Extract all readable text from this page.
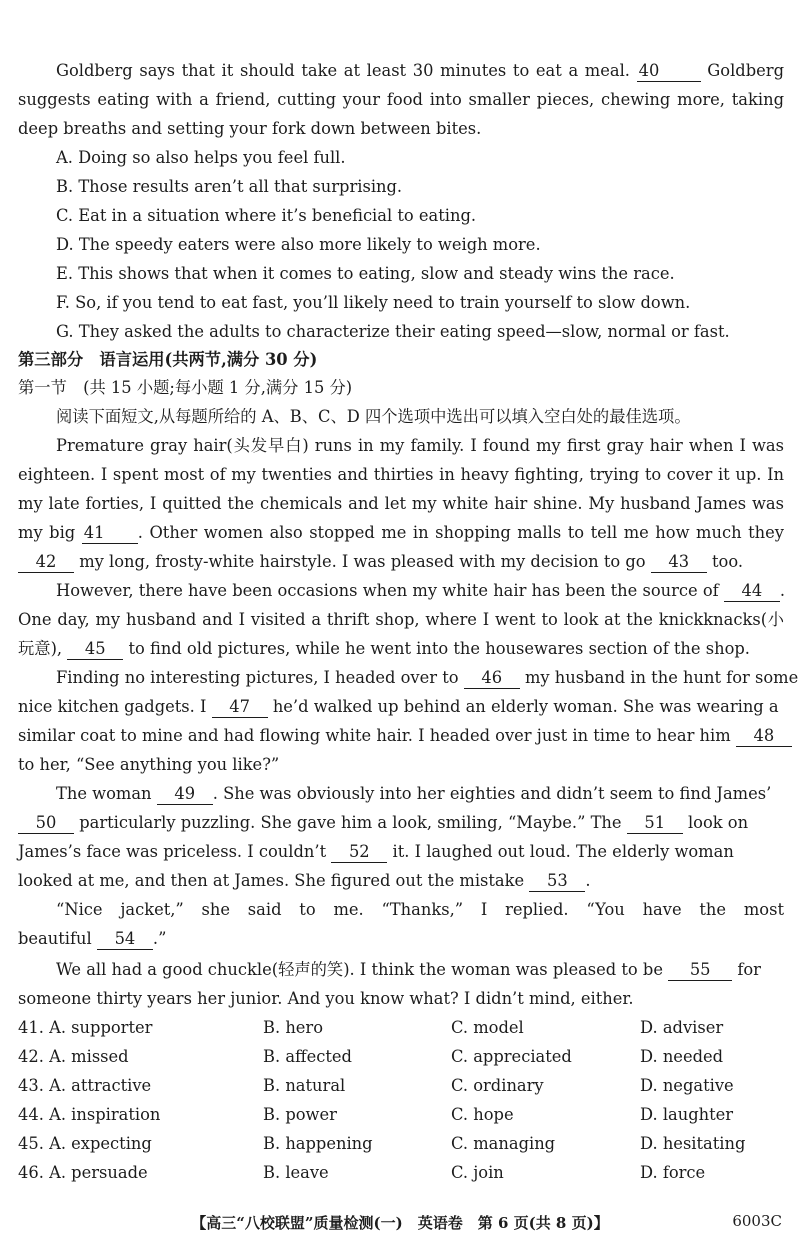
Goldberg says that it should take at least 30 minutes to eat a meal. 40	Goldberg
suggests eating with a friend, cutting your food into smaller pieces, chewing more, taking
deep breaths and setting your fork down between bites.
A. Doing so also helps you feel full.
B. Those results aren’t all that surprising.
C. Eat in a situation where it’s beneficial to eating.
D. The speedy eaters were also more likely to weigh more.
E. This shows that when it comes to eating, slow and steady wins the race.
F. So, if you tend to eat fast, you’ll likely need to train yourself to slow down.
G. They asked the adults to characterize their eating speed—slow, normal or fast.
第三部分　语言运用(共两节,满分 30 分)
第一节　(共 15 小题;每小题 1 分,满分 15 分)
阅读下面短文,从每题所给的 A、B、C、D 四个选项中选出可以填入空白处的最佳选项。
Premature gray hair(头发早白) runs in my family. I found my first gray hair when I was
eighteen. I spent most of my twenties and thirties in heavy fighting, trying to cover it up. In
my late forties, I quitted the chemicals and let my white hair shine. My husband James was
my big 41 . Other women also stopped me in shopping malls to tell me how much they
42 my long, frosty-white hairstyle. I was pleased with my decision to go 43 too.
However, there have been occasions when my white hair has been the source of 44 .
One day, my husband and I visited a thrift shop, where I went to look at the knickknacks(小
玩意), 45 to find old pictures, while he went into the housewares section of the shop.
Finding no interesting pictures, I headed over to 46 my husband in the hunt for some
nice kitchen gadgets. I 47 he’d walked up behind an elderly woman. She was wearing a
similar coat to mine and had flowing white hair. I headed over just in time to hear him 48
to her, “See anything you like?”
The woman 49 . She was obviously into her eighties and didn’t seem to find James’
50 particularly puzzling. She gave him a look, smiling, “Maybe.” The 51 look on
James’s face was priceless. I couldn’t 52 it. I laughed out loud. The elderly woman
looked at me, and then at James. She figured out the mistake 53 .
“Nice jacket,” she said to me. “Thanks,” I replied. “You have the most
beautiful 54 .”
We all had a good chuckle(轻声的笑). I think the woman was pleased to be 55 for
someone thirty years her junior. And you know what? I didn’t mind, either.
41. A. supporter	B. hero	C. model	D. adviser
42. A. missed	B. affected	C. appreciated	D. needed
43. A. attractive	B. natural	C. ordinary	D. negative
44. A. inspiration	B. power	C. hope	D. laughter
45. A. expecting	B. happening	C. managing	D. hesitating
46. A. persuade	B. leave	C. join	D. force
【高三“八校联盟”质量检测(一)　英语卷　第 6 页(共 8 页)】	6003C
